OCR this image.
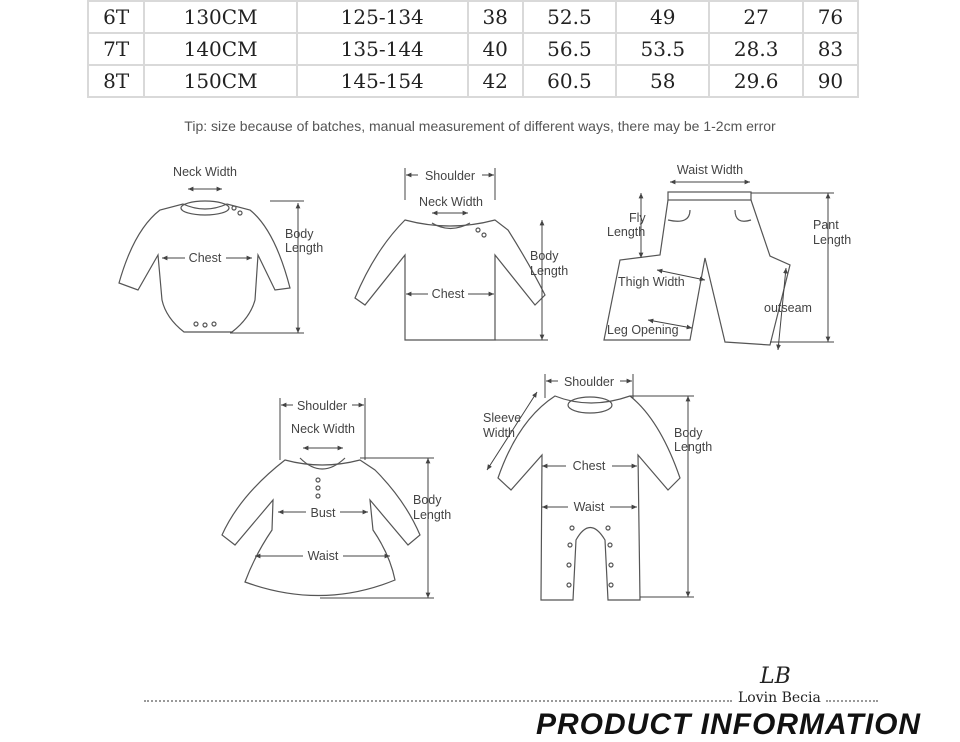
6T	130CM	125-134	38	52.5	49	27	76
7T	140CM	135-144	40	56.5	53.5	28.3	83
8T	150CM	145-154	42	60.5	58	29.6	90
Tip: size because of batches, manual measurement of different ways, there may be 1-2cm error
Neck Width
Body
Length
Chest
Shoulder
Neck Width
Body
Length
Chest
Waist Width
Fly
Length	Pant
Length
Thigh Width
outseam
Leg Opening
Shoulder
Neck Width
Body
Length
Bust
Waist
Shoulder
Sleeve
Width	Body
Length
Chest
Waist
LB
Lovin Becia
PRODUCT INFORMATION
